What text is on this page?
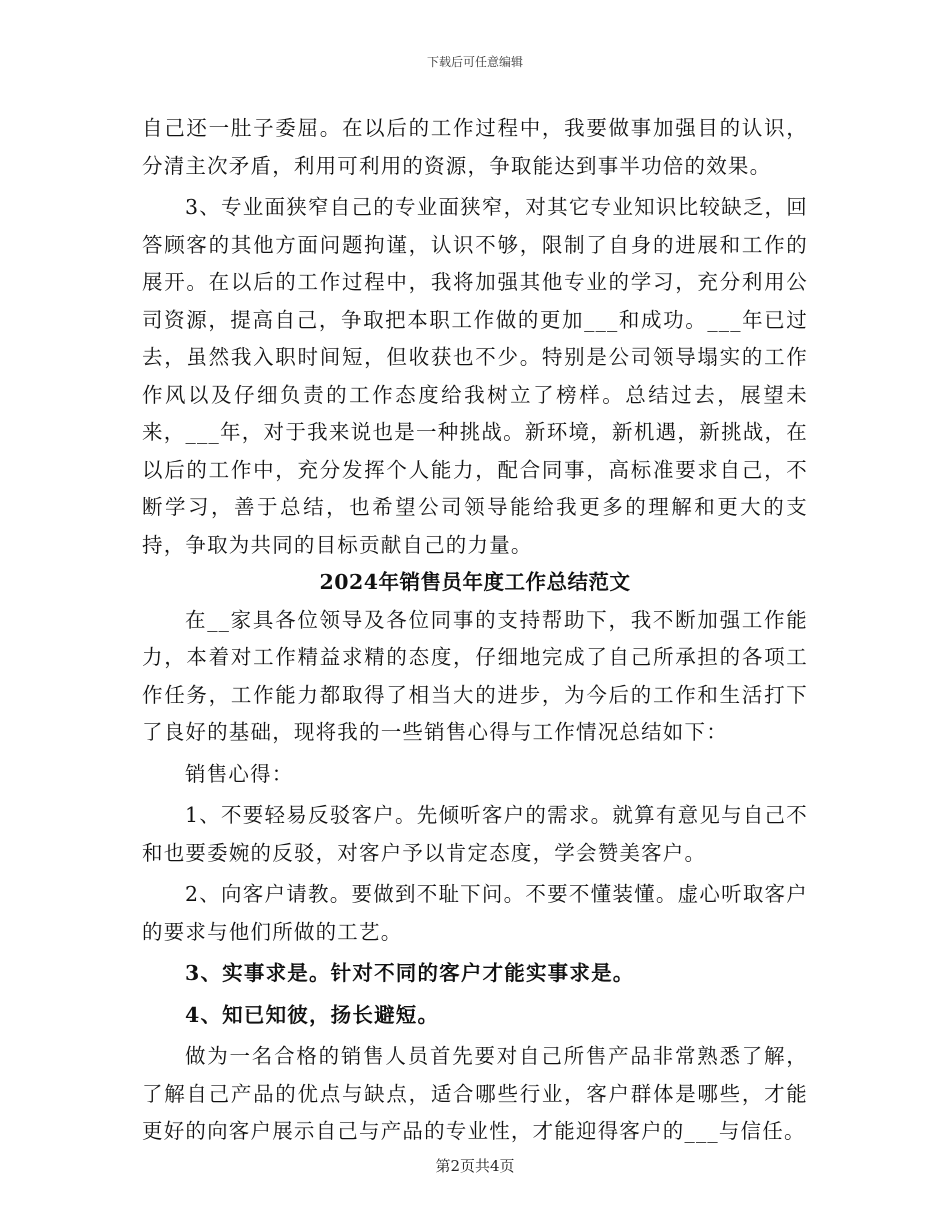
下载后可任意编辑

自己还一肚子委屈。在以后的工作过程中，我要做事加强目的认识，分清主次矛盾，利用可利用的资源，争取能达到事半功倍的效果。

3、专业面狭窄自己的专业面狭窄，对其它专业知识比较缺乏，回答顾客的其他方面问题拘谨，认识不够，限制了自身的进展和工作的展开。在以后的工作过程中，我将加强其他专业的学习，充分利用公司资源，提高自己，争取把本职工作做的更加___和成功。___年已过去，虽然我入职时间短，但收获也不少。特别是公司领导塌实的工作作风以及仔细负责的工作态度给我树立了榜样。总结过去，展望未来，___年，对于我来说也是一种挑战。新环境，新机遇，新挑战，在以后的工作中，充分发挥个人能力，配合同事，高标准要求自己，不断学习，善于总结，也希望公司领导能给我更多的理解和更大的支持，争取为共同的目标贡献自己的力量。

2024年销售员年度工作总结范文

在__家具各位领导及各位同事的支持帮助下，我不断加强工作能力，本着对工作精益求精的态度，仔细地完成了自己所承担的各项工作任务，工作能力都取得了相当大的进步，为今后的工作和生活打下了良好的基础，现将我的一些销售心得与工作情况总结如下：

销售心得：

1、不要轻易反驳客户。先倾听客户的需求。就算有意见与自己不和也要委婉的反驳，对客户予以肯定态度，学会赞美客户。

2、向客户请教。要做到不耻下问。不要不懂装懂。虚心听取客户的要求与他们所做的工艺。

3、实事求是。针对不同的客户才能实事求是。

4、知已知彼，扬长避短。

做为一名合格的销售人员首先要对自己所售产品非常熟悉了解，了解自己产品的优点与缺点，适合哪些行业，客户群体是哪些，才能更好的向客户展示自己与产品的专业性，才能迎得客户的___与信任。

第2页共4页
